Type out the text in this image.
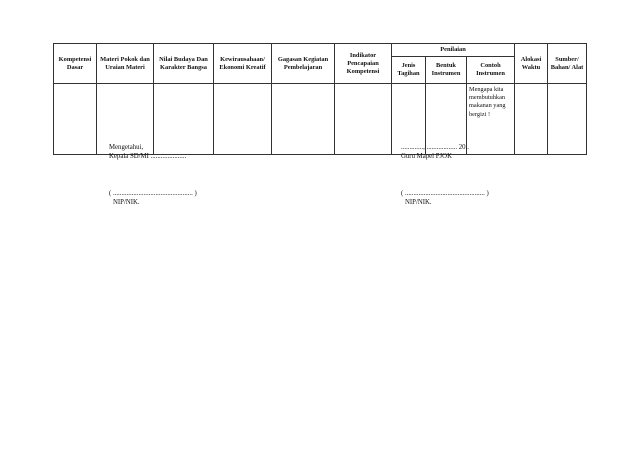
Kompetensi Dasar	Materi Pokok dan Uraian Materi	Nilai Budaya Dan Karakter Bangsa	Kewirausahaan/ Ekonomi Kreatif	Gagasan Kegiatan Pembelajaran	Indikator Pencapaian Kompetensi	Penilaian			Alokasi Waktu	Sumber/ Bahan/ Alat
						Jenis Tagihan	Bentuk Instrumen	Contoh Instrumen		

								Mengapa kita membutuhkan makanan yang bergizi !		

Mengetahui,
Kepala SD/MI .....................
( ............................................... )
NIP/NIK.
............., .................. 20..
Guru Mapel PJOK
( ............................................... )
NIP/NIK.
